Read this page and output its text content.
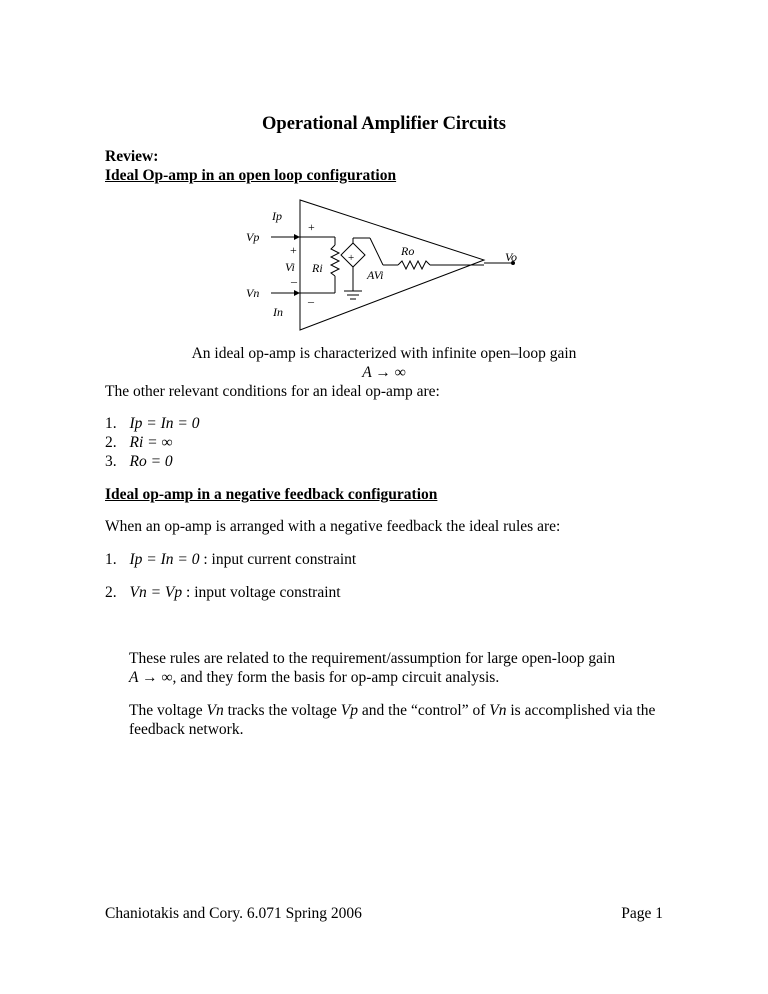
Operational Amplifier Circuits
Review:
Ideal Op-amp in an open loop configuration
Ip
Vp
+
+
Vi
–
Ri
+
AVi
Ro	Vo
Vn
In
–
An ideal op-amp is characterized with infinite open–loop gain
A → ∞
The other relevant conditions for an ideal op-amp are:
1. Ip = In = 0
2. Ri = ∞
3. Ro = 0
Ideal op-amp in a negative feedback configuration
When an op-amp is arranged with a negative feedback the ideal rules are:
1. Ip = In = 0 : input current constraint
2. Vn = Vp : input voltage constraint
These rules are related to the requirement/assumption for large open-loop gain
A → ∞, and they form the basis for op-amp circuit analysis.
The voltage Vn tracks the voltage Vp and the “control” of Vn is accomplished via the
feedback network.
Chaniotakis and Cory. 6.071 Spring 2006	Page 1
